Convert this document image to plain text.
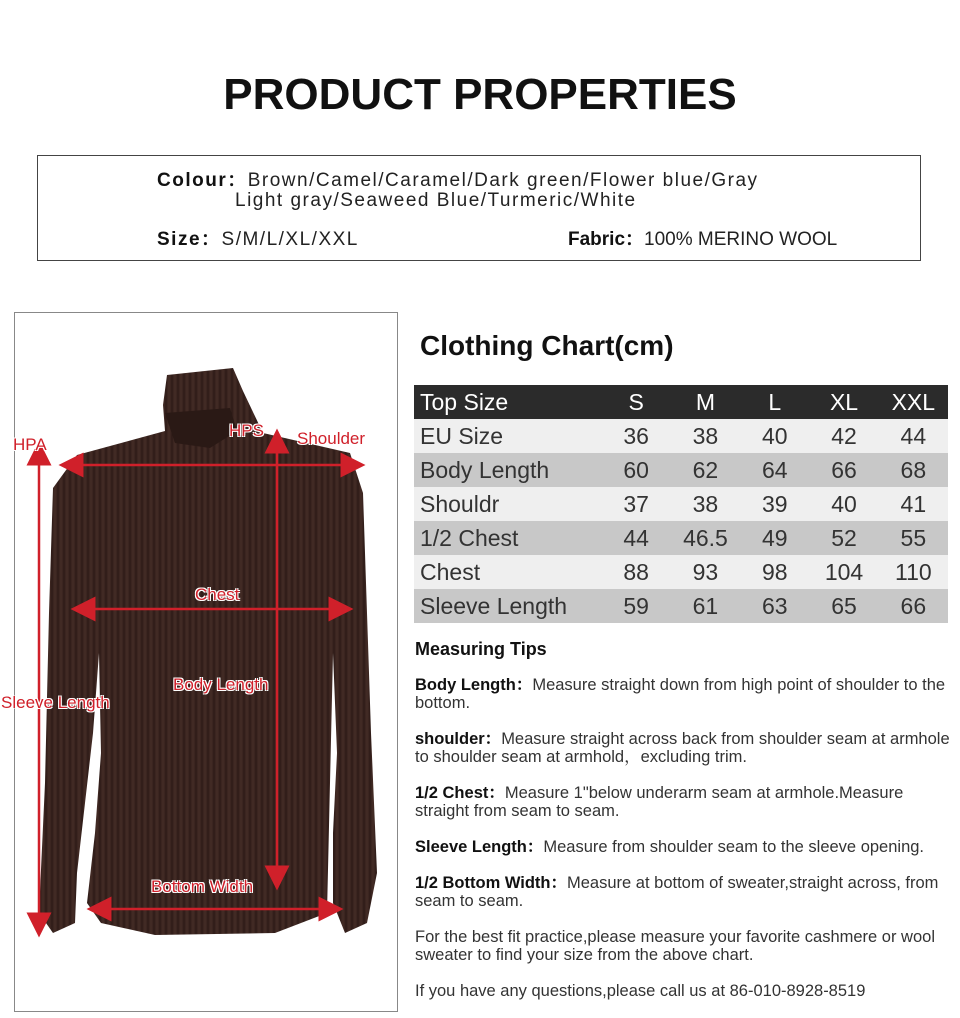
PRODUCT PROPERTIES
Colour：Brown/Camel/Caramel/Dark green/Flower blue/Gray
Light gray/Seaweed Blue/Turmeric/White
Size：S/M/L/XL/XXL	Fabric：100% MERINO WOOL
HPA
HPS Shoulder
Chest
Body Length
Sleeve Length
Bottom Width
Clothing Chart(cm)
Top Size	S	M	L	XL	XXL
EU Size	36	38	40	42	44
Body Length	60	62	64	66	68
Shouldr	37	38	39	40	41
1/2 Chest	44	46.5	49	52	55
Chest	88	93	98	104	110
Sleeve Length	59	61	63	65	66
Measuring Tips
Body Length：Measure straight down from high point of shoulder to the bottom.
shoulder：Measure straight across back from shoulder seam at armhole to shoulder seam at armhold，excluding trim.
1/2 Chest：Measure 1"below underarm seam at armhole.Measure straight from seam to seam.
Sleeve Length：Measure from shoulder seam to the sleeve opening.
1/2 Bottom Width：Measure at bottom of sweater,straight across, from seam to seam.
For the best fit practice,please measure your favorite cashmere or wool sweater to find your size from the above chart.
If you have any questions,please call us at 86-010-8928-8519
